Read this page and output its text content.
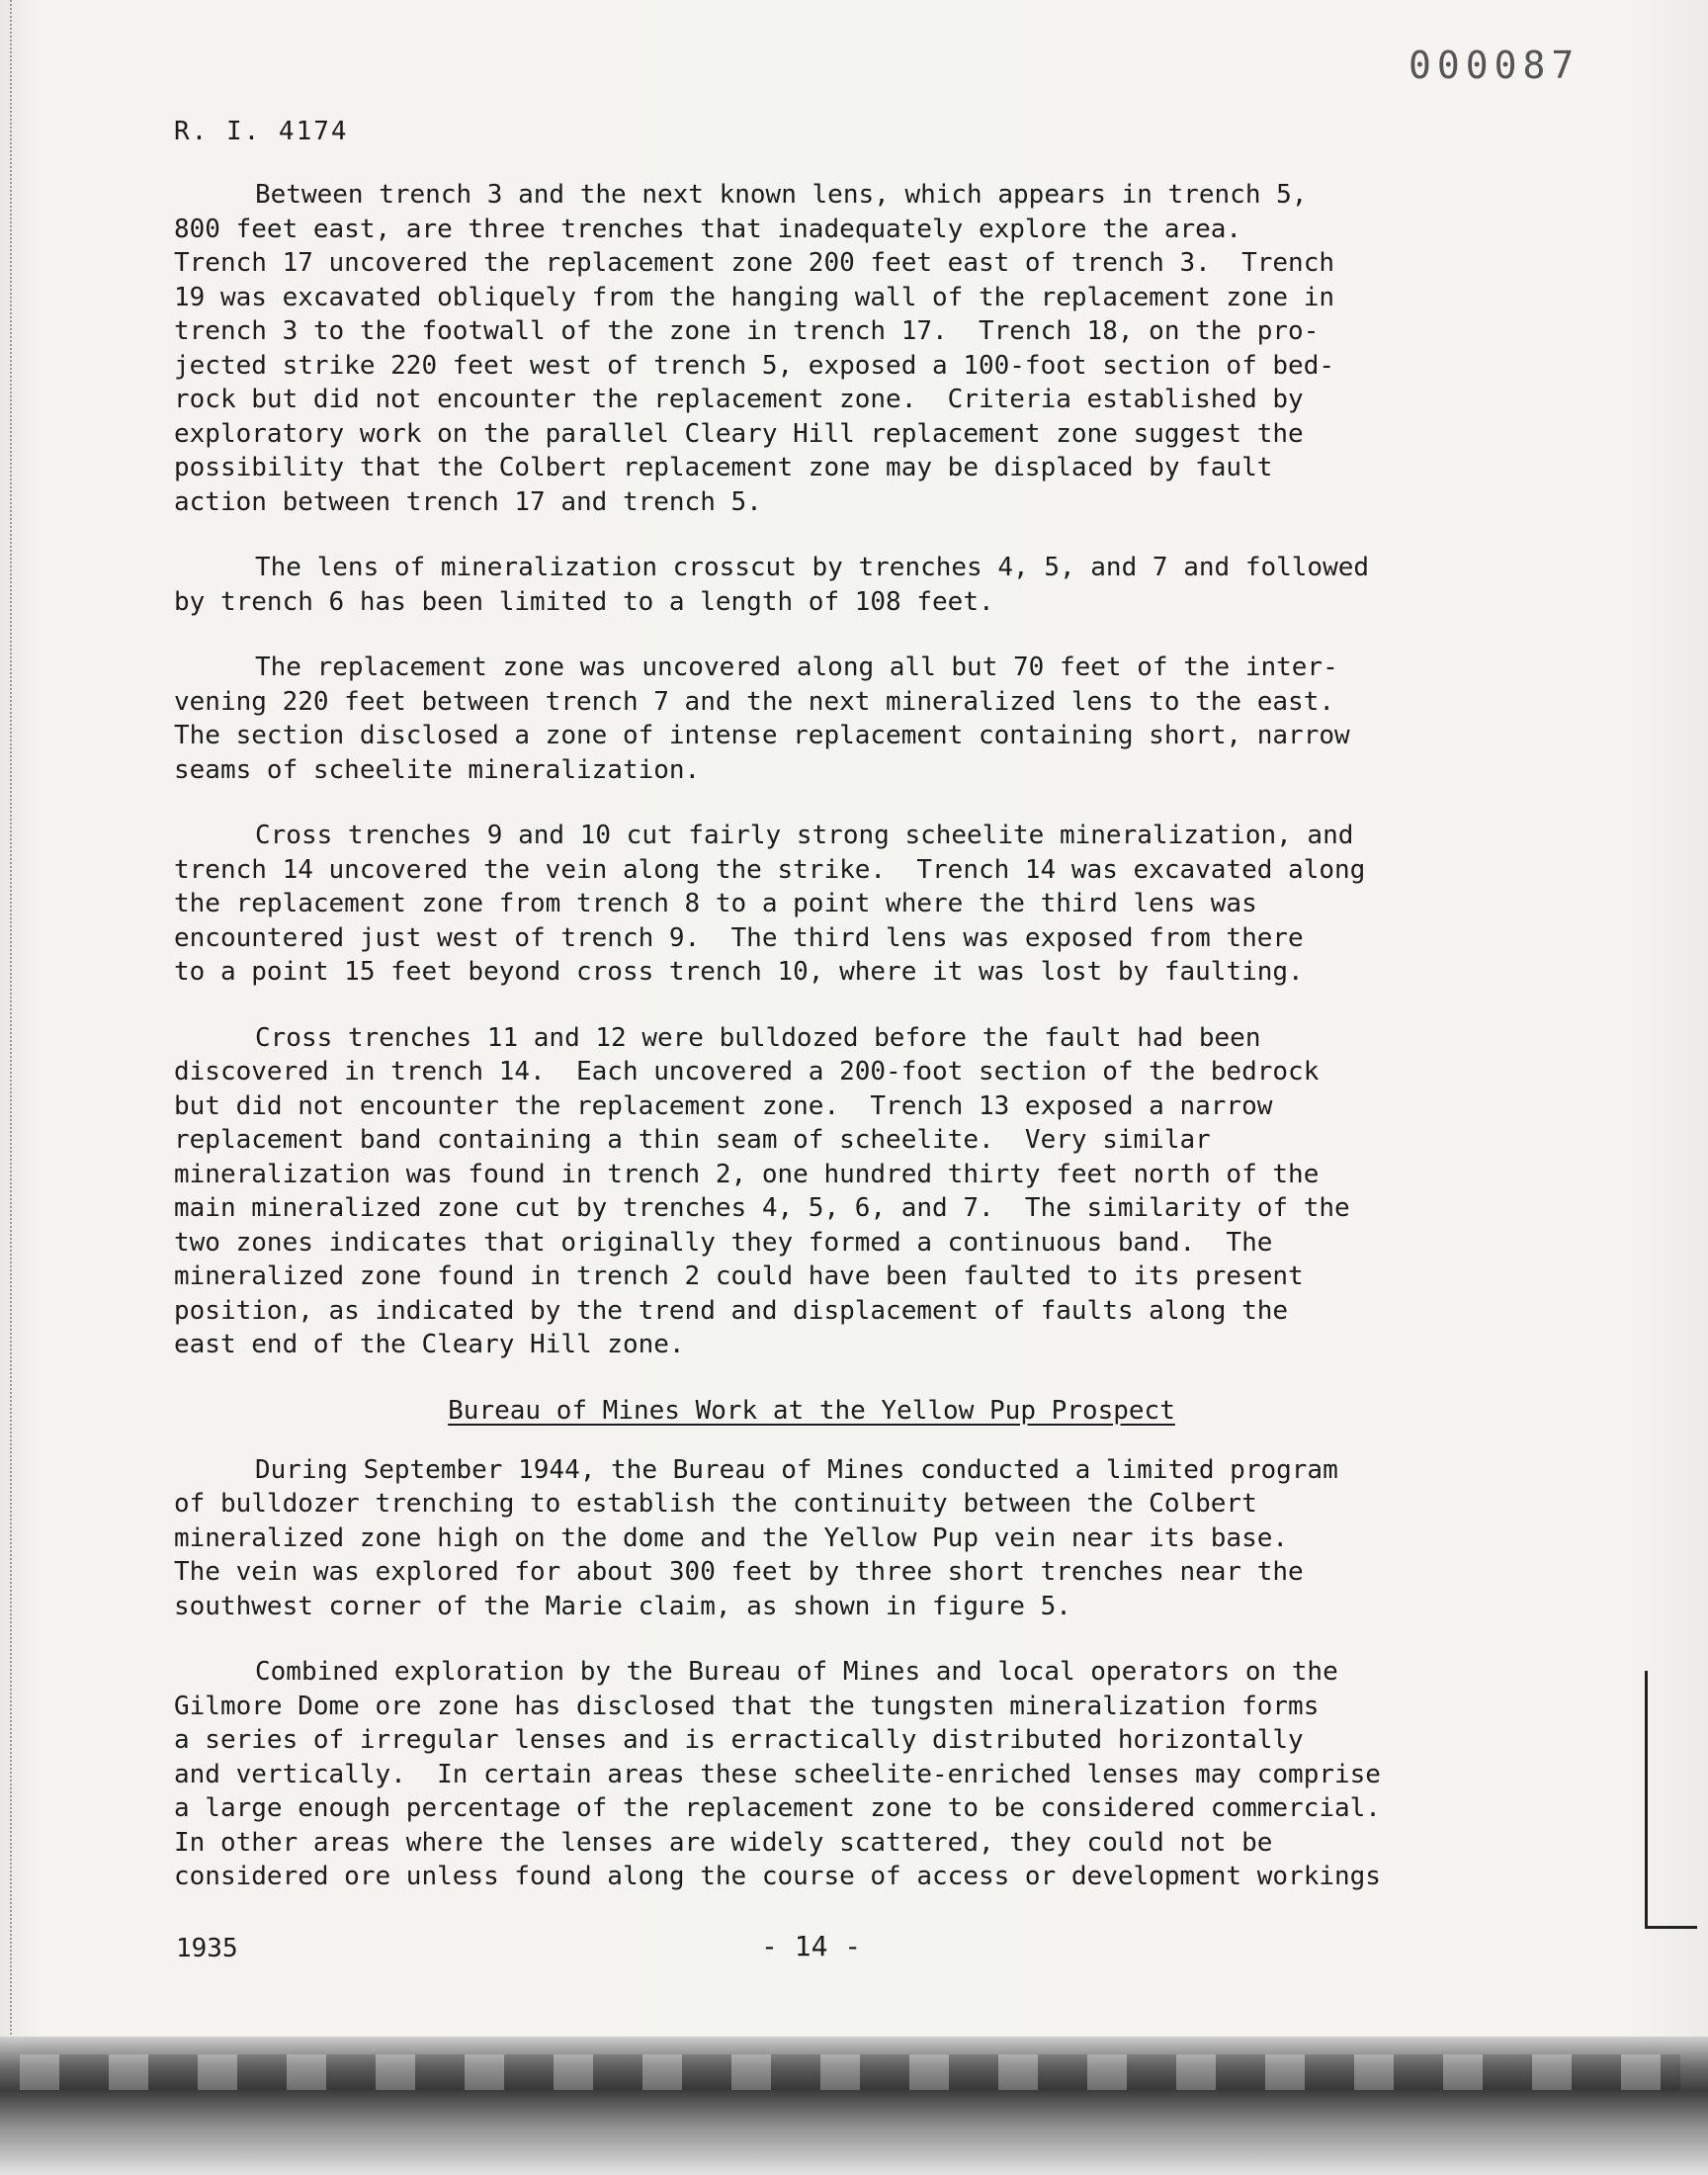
000087
R. I. 4174

Between trench 3 and the next known lens, which appears in trench 5,
800 feet east, are three trenches that inadequately explore the area.
Trench 17 uncovered the replacement zone 200 feet east of trench 3.  Trench
19 was excavated obliquely from the hanging wall of the replacement zone in
trench 3 to the footwall of the zone in trench 17.  Trench 18, on the pro-
jected strike 220 feet west of trench 5, exposed a 100-foot section of bed-
rock but did not encounter the replacement zone.  Criteria established by
exploratory work on the parallel Cleary Hill replacement zone suggest the
possibility that the Colbert replacement zone may be displaced by fault
action between trench 17 and trench 5.

The lens of mineralization crosscut by trenches 4, 5, and 7 and followed
by trench 6 has been limited to a length of 108 feet.

The replacement zone was uncovered along all but 70 feet of the inter-
vening 220 feet between trench 7 and the next mineralized lens to the east.
The section disclosed a zone of intense replacement containing short, narrow
seams of scheelite mineralization.

Cross trenches 9 and 10 cut fairly strong scheelite mineralization, and
trench 14 uncovered the vein along the strike.  Trench 14 was excavated along
the replacement zone from trench 8 to a point where the third lens was
encountered just west of trench 9.  The third lens was exposed from there
to a point 15 feet beyond cross trench 10, where it was lost by faulting.

Cross trenches 11 and 12 were bulldozed before the fault had been
discovered in trench 14.  Each uncovered a 200-foot section of the bedrock
but did not encounter the replacement zone.  Trench 13 exposed a narrow
replacement band containing a thin seam of scheelite.  Very similar
mineralization was found in trench 2, one hundred thirty feet north of the
main mineralized zone cut by trenches 4, 5, 6, and 7.  The similarity of the
two zones indicates that originally they formed a continuous band.  The
mineralized zone found in trench 2 could have been faulted to its present
position, as indicated by the trend and displacement of faults along the
east end of the Cleary Hill zone.

Bureau of Mines Work at the Yellow Pup Prospect

During September 1944, the Bureau of Mines conducted a limited program
of bulldozer trenching to establish the continuity between the Colbert
mineralized zone high on the dome and the Yellow Pup vein near its base.
The vein was explored for about 300 feet by three short trenches near the
southwest corner of the Marie claim, as shown in figure 5.

Combined exploration by the Bureau of Mines and local operators on the
Gilmore Dome ore zone has disclosed that the tungsten mineralization forms
a series of irregular lenses and is erractically distributed horizontally
and vertically.  In certain areas these scheelite-enriched lenses may comprise
a large enough percentage of the replacement zone to be considered commercial.
In other areas where the lenses are widely scattered, they could not be
considered ore unless found along the course of access or development workings

1935	- 14 -
